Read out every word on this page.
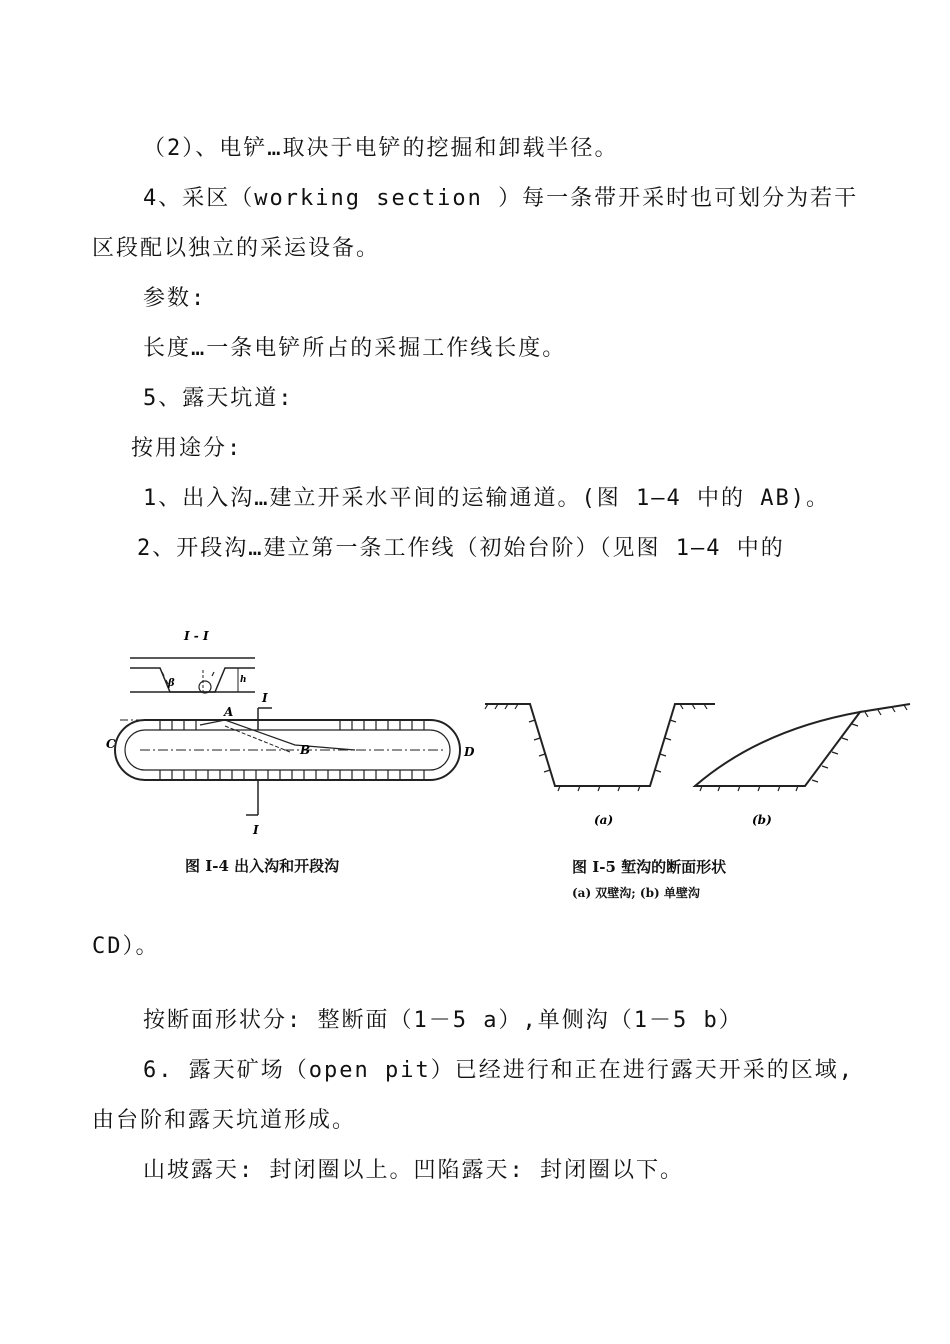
（2）、电铲…取决于电铲的挖掘和卸载半径。
4、采区（working section ）每一条带开采时也可划分为若干
区段配以独立的采运设备。
参数:
长度…一条电铲所占的采掘工作线长度。
5、露天坑道:
按用途分:
1、出入沟…建立开采水平间的运输通道。(图 1—4 中的 AB)。
2、开段沟…建立第一条工作线（初始台阶）（见图 1—4 中的
I - I
β	h
I
I
A
B
C
D
图 I-4 出入沟和开段沟
(a)	(b)
图 I-5 堑沟的断面形状
(a) 双壁沟; (b) 单壁沟
CD）。
按断面形状分: 整断面（1－5 a）,单侧沟（1－5 b）
6. 露天矿场（open pit）已经进行和正在进行露天开采的区域,
由台阶和露天坑道形成。
山坡露天: 封闭圈以上。凹陷露天: 封闭圈以下。
